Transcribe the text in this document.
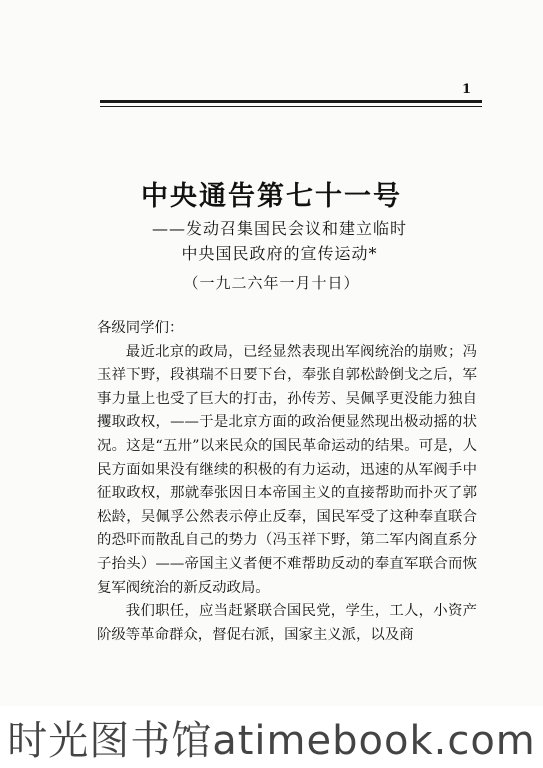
1
中央通告第七十一号
——发动召集国民会议和建立临时
中央国民政府的宣传运动*
（一九二六年一月十日）

各级同学们：

最近北京的政局，已经显然表现出军阀统治的崩败；冯玉祥下野，段祺瑞不日要下台，奉张自郭松龄倒戈之后，军事力量上也受了巨大的打击，孙传芳、吴佩孚更没能力独自攫取政权，——于是北京方面的政治便显然现出极动摇的状况。这是“五卅”以来民众的国民革命运动的结果。可是，人民方面如果没有继续的积极的有力运动，迅速的从军阀手中征取政权，那就奉张因日本帝国主义的直接帮助而扑灭了郭松龄，吴佩孚公然表示停止反奉，国民军受了这种奉直联合的恐吓而散乱自己的势力（冯玉祥下野，第二军内阁直系分子抬头）——帝国主义者便不难帮助反动的奉直军联合而恢复军阀统治的新反动政局。

我们职任，应当赶紧联合国民党，学生，工人，小资产阶级等革命群众，督促右派，国家主义派，以及商

时光图书馆atimebook.com
